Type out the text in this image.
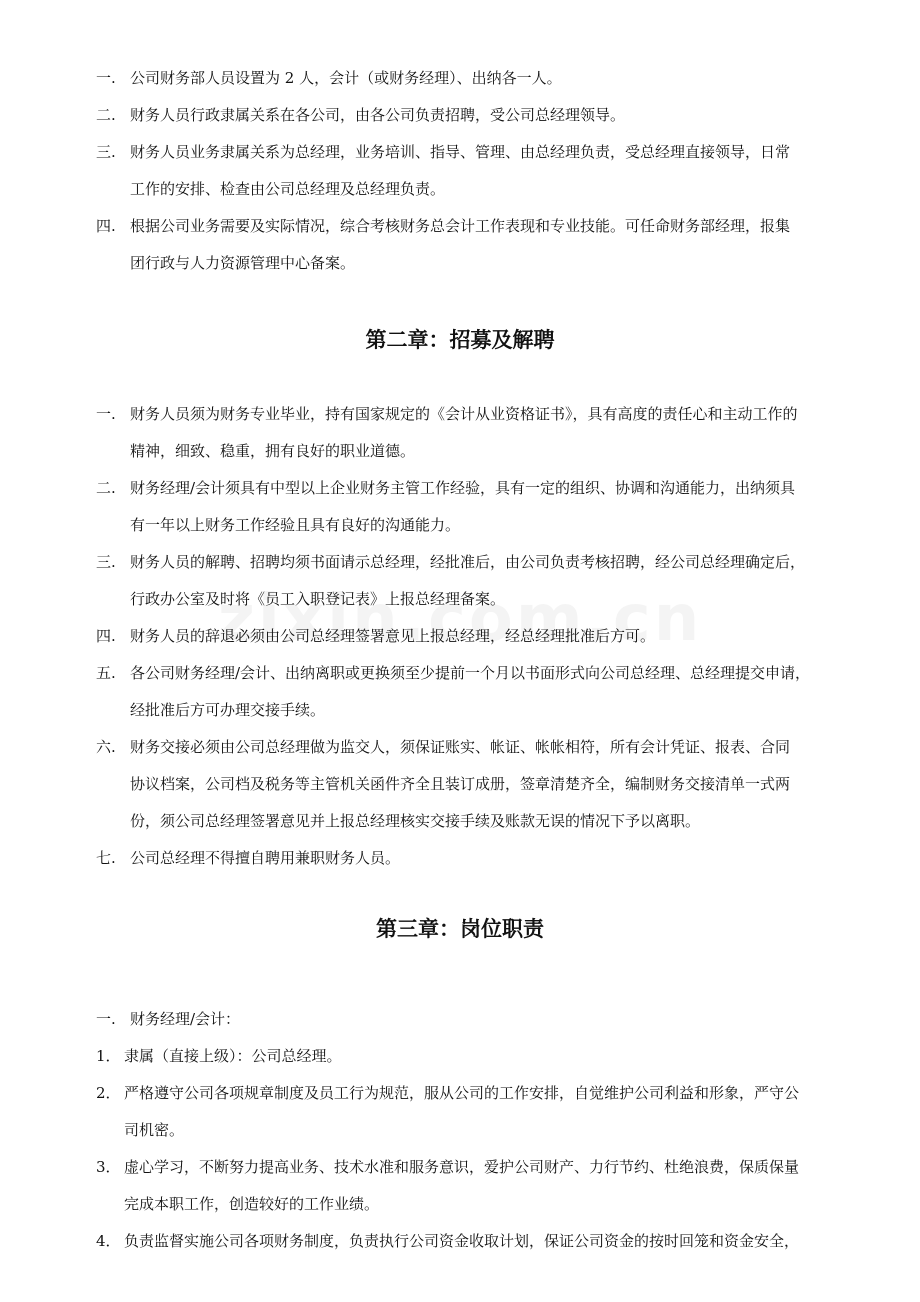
一. 公司财务部人员设置为 2 人，会计（或财务经理）、出纳各一人。
二. 财务人员行政隶属关系在各公司，由各公司负责招聘，受公司总经理领导。
三. 财务人员业务隶属关系为总经理，业务培训、指导、管理、由总经理负责，受总经理直接领导，日常
工作的安排、检查由公司总经理及总经理负责。
四. 根据公司业务需要及实际情况，综合考核财务总会计工作表现和专业技能。可任命财务部经理，报集
团行政与人力资源管理中心备案。
第二章：招募及解聘
一. 财务人员须为财务专业毕业，持有国家规定的《会计从业资格证书》，具有高度的责任心和主动工作的
精神，细致、稳重，拥有良好的职业道德。
二. 财务经理/会计须具有中型以上企业财务主管工作经验，具有一定的组织、协调和沟通能力，出纳须具
有一年以上财务工作经验且具有良好的沟通能力。
三. 财务人员的解聘、招聘均须书面请示总经理，经批准后，由公司负责考核招聘，经公司总经理确定后，
行政办公室及时将《员工入职登记表》上报总经理备案。
四. 财务人员的辞退必须由公司总经理签署意见上报总经理，经总经理批准后方可。
五. 各公司财务经理/会计、出纳离职或更换须至少提前一个月以书面形式向公司总经理、总经理提交申请，
经批准后方可办理交接手续。
六. 财务交接必须由公司总经理做为监交人，须保证账实、帐证、帐帐相符，所有会计凭证、报表、合同
协议档案，公司档及税务等主管机关函件齐全且装订成册，签章清楚齐全，编制财务交接清单一式两
份，须公司总经理签署意见并上报总经理核实交接手续及账款无误的情况下予以离职。
七. 公司总经理不得擅自聘用兼职财务人员。
第三章：岗位职责
一. 财务经理/会计：
1． 隶属（直接上级）：公司总经理。
2． 严格遵守公司各项规章制度及员工行为规范，服从公司的工作安排，自觉维护公司利益和形象，严守公
司机密。
3． 虚心学习，不断努力提高业务、技术水准和服务意识，爱护公司财产、力行节约、杜绝浪费，保质保量
完成本职工作，创造较好的工作业绩。
4． 负责监督实施公司各项财务制度，负责执行公司资金收取计划，保证公司资金的按时回笼和资金安全，
